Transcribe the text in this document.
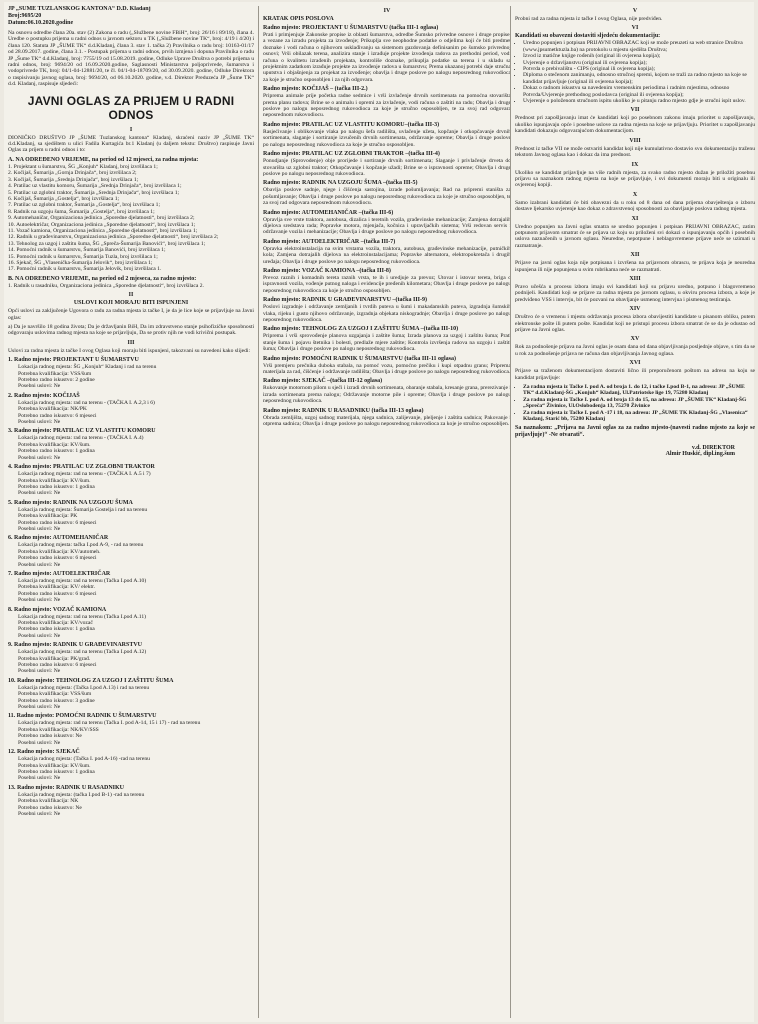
JP „ŠUME TUZLANSKOG KANTONA“ D.D. Kladanj

Broj:9695/20

Datum:06.10.2020.godine

Na osnovu odredbe člana 20a. stav (2) Zakona o radu („Službene novine FBiH“, broj: 26/16 i 89/18), člana 4. Uredbe o postupku prijema u radni odnos u javnom sektoru u TK („Službene novine TK“, broj: 4/19 i 4/20) i člana 120. Statuta JP „ŠUME TK“ d.d.Kladanj, člana 3. stav 1. tačka 2) Pravilnika o radu broj: 10163-01/17 od 28.09.2017. godine, člana 3.1. - Postupak prijema u radni odnos, prvih izmjena i dopuna Pravilnika o radu JP „Šume TK“ d.d.Kladanj, broj: 7755/19 od 15.08.2019. godine, Odluke Uprave Društva o potrebi prijema u radni odnos, broj: 9694/20 od 16.09.2020.godine, Saglasnosti Ministarstva poljoprivrede, šumarstva i vodoprivrede TK, broj: 04/1-04-12881/20, te čl. 04/1-04-18709/20, od 30.09.2020. godine, Odluke Direktora o raspisivanju javnog oglasa, broj: 9694/20, od 06.10.2020. godine, v.d. Direktor Preduzeća JP „Šume TK“ d.d. Kladanj, raspisuje sljedeći:

JAVNI OGLAS ZA PRIJEM U RADNI ODNOS
I

DIONIČKO DRUŠTVO JP „ŠUME Tuzlanskog kantona“ Kladanj, skraćeni naziv JP „ŠUME TK“ d.d.Kladanj, sa sjedištem u ulici Fadila Kurtagića br.1 Kladanj (u daljem tekstu: Društvo) raspisuje Javni Oglas za prijem u radni odnos i to:

A. NA ODREĐENO VRIJEME, na period od 12 mjeseci, za radna mjesta:

1. Projektant u šumarstvu, ŠG „Konjuh“ Kladanj, broj izvršilaca 1;
2. Kočijaš, Šumarija „Gornja Drinjača“, broj izvršilaca 2;
3. Kočijaš, Šumarija „Srednja Drinjača“, broj izvršilaca 1;
4. Pratilac uz vlastitu komoru, Šumarija „Srednja Drinjača“, broj izvršilaca 1;
5. Pratilac uz zglobni traktor, Šumarija „Srednja Drinjača“, broj izvršilaca 1;
6. Kočijaš, Šumarija „Gostelja“, broj izvršilaca 1;
7. Pratilac uz zglobni traktor, Šumarija „Gostelja“, broj izvršilaca 1;
8. Radnik na uzgoju šuma, Šumarija „Gostelja“, broj izvršilaca 1;
9. Automehaničar, Organizaciona jedinica „Sporedne djelatnosti“, broj izvršilaca 2;
10. Autoelektričar, Organizaciona jedinica „Sporedne djelatnosti“, broj izvršilaca 1;
11. Vozač kamiona, Organizaciona jedinica „Sporedne djelatnosti“, broj izvršilaca 1;
12. Radnik u građevinarstvu, Organizaciona jedinica „Sporedne djelatnosti“, broj izvršilaca 2;
13. Tehnolog za uzgoj i zaštitu šuma, ŠG „Spreča-Šumarija Banovići“, broj izvršilaca 1;
14. Pomoćni radnik u šumarstvu, Šumarija Banovići, broj izvršilaca 1;
15. Pomoćni radnik u šumarstvu, Šumarija Tuzla, broj izvršilaca 1;
16. Sjekač, ŠG „Vlasenička-Šumarija Jelovik“, broj izvršilaca 1;
17. Pomoćni radnik u šumarstvu, Šumarija Jelovik, broj izvršilaca 1.

B. NA ODREĐENO VRIJEME, na period od 2 mjeseca, za radno mjesto:

1. Radnik u rasadniku, Organizaciona jedinica „Sporedne djelatnosti“, broj izvršilaca 2.
II
USLOVI KOJI MORAJU BITI ISPUNJENI

Opći uslovi za zaključenje Ugovora o radu za radna mjesta iz tačke I, je da je lice koje se prijavljuje na Javni oglas:

a) Da je navršilo 18 godina života; Da je državljanin BiH, Da im zdravstveno stanje psihofizičke sposobnosti odgovaraju uslovima radnog mjesta na koje se prijavljuju, Da se protiv njih ne vodi krivični postupak.

III

Uslovi za radna mjesta iz tačke I ovog Oglasa koji moraju biti ispunjeni, takozvani su navedeni kako slijedi:

1. Radno mjesto: PROJEKTANT U ŠUMARSTVU
Lokacija radnog mjesta: ŠG „Konjuh“ Kladanj i rad na terenu
Potrebna kvalifikacija: VSS/šum
Potrebno radno iskustvo: 2 godine
Posebni uslovi: Ne
2. Radno mjesto: KOČIJAŠ
Lokacija radnog mjesta: rad na terenu - (TAČKA I. A.2,3 i 6)
Potrebna kvalifikacija: NK/PK
Potrebno radno iskustvo: 6 mjeseci
Posebni uslovi: Ne
3. Radno mjesto: PRATILAC UZ VLASTITU KOMORU
Lokacija radnog mjesta: rad na terenu - (TAČKA I. A.4)
Potrebna kvalifikacija: KV/šum.
Potrebno radno iskustvo: 1 godina
Posebni uslovi: Ne
4. Radno mjesto: PRATILAC UZ ZGLOBNI TRAKTOR
Lokacija radnog mjesta: rad na terenu - (TAČKA I. A.5 i 7)
Potrebna kvalifikacija: KV/šum.
Potrebno radno iskustvo: 1 godina
Posebni uslovi: Ne
5. Radno mjesto: RADNIK NA UZGOJU ŠUMA
Lokacija radnog mjesta: Šumarija Gostelja i rad na terenu
Potrebna kvalifikacija: PK
Potrebno radno iskustvo: 6 mjeseci
Posebni uslovi: Ne
6. Radno mjesto: AUTOMEHANIČAR
Lokacija radnog mjesta: tačka I.pod A-9, - rad na terenu
Potrebna kvalifikacija: KV/automeh.
Potrebno radno iskustvo: 6 mjeseci
Posebni uslovi: Ne
7. Radno mjesto: AUTOELEKTRIČAR
Lokacija radnog mjesta: rad na terenu (Tačka I.pod A.10)
Potrebna kvalifikacija: KV/ elektr.
Potrebno radno iskustvo: 6 mjeseci
Posebni uslovi: Ne
8. Radno mjesto: VOZAČ KAMIONA
Lokacija radnog mjesta: rad na terenu (Tačka I.pod A.11)
Potrebna kvalifikacija: KV/vozač
Potrebno radno iskustvo: 1 godina
Posebni uslovi: Ne
9. Radno mjesto: RADNIK U GRAĐEVINARSTVU
Lokacija radnog mjesta: rad na terenu (Tačka I.pod A.12)
Potrebna kvalifikacija: PK/građ.
Potrebno radno iskustvo: 6 mjeseci
Posebni uslovi: Ne
10. Radno mjesto: TEHNOLOG ZA UZGOJ I ZAŠTITU ŠUMA
Lokacija radnog mjesta: (Tačka I.pod A.13) i rad na terenu
Potrebna kvalifikacija: VSS/šum
Potrebno radno iskustvo: 3 godine
Posebni uslovi: Ne
11. Radno mjesto: POMOĆNI RADNIK U ŠUMARSTVU
Lokacija radnog mjesta: rad na terenu (Tačka I. pod A-14, 15 i 17) - rad na terenu
Potrebna kvalifikacija: NK/KV/SSS
Potrebno radno iskustvo: Ne
Posebni uslovi: Ne
12. Radno mjesto: SJEKAČ
Lokacija radnog mjesta: (Tačka I. pod A-16) -rad na terenu
Potrebna kvalifikacija: KV/šum.
Potrebno radno iskustvo: 1 godina
Posebni uslovi: Ne
13. Radno mjesto: RADNIK U RASADNIKU
Lokacija radnog mjesta: (tačka I.pod B-1) -rad na terenu
Potrebna kvalifikacija: NK
Potrebno radno iskustvo: Ne
Posebni uslovi: Ne
IV

KRATAK OPIS POSLOVA

Radno mjesto: PROJEKTANT U ŠUMARSTVU (tačka III-1 oglasa)

Prati i primjenjuje Zakonske propise iz oblasti šumarstva, odredbe Šumsko privredne osnove i druge propise, a vezane za izradu projekta za izvođenje; Prikuplja sve neophodne podatke o odjelima koji će biti predmet doznake i vodi računa o njihovom usklađivanju sa sistemom gazdovanja definisanim po šumsko privrednoj osnovi; Vrši obilazak terena, analizira stanje i izrađuje projekte izvođenja radova za prethodni period, vodi računa o kvalitetu izrađenih projekata, kontroliše doznake, prikuplja podatke sa terena i u skladu sa projektnim zadatkom izrađuje projekte za izvođenje radova u šumarstvu; Prema ukazanoj potrebi daje stručna uputstva i objašnjenja za projekat za izvođenje; obavlja i druge poslove po nalogu neposrednog rukovodioca za koje je stručno osposobljen i za njih odgovara.

Radno mjesto: KOČIJAŠ – (tačka III-2.)

Priprema animale prije početka radne sedmice i vrši izvlačenje drvnih sortimenata na pomoćna stovarišta prema planu radova; Brine se o animalu i opremi za izvlačenje, vodi računa o zaštiti na radu; Obavlja i druge poslove po nalogu neposrednog rukovodioca za koje je stručno osposobljen, te za svoj rad odgovara neposrednom rukovodiocu.

Radno mjesto: PRATILAC UZ VLASTITU KOMORU–(tačka III-3)

Rasjećivanje i oblikovanje vlaka po nalogu šefa radilišta, uvlačenje užeta, kopčanje i otkopčavanje drvnih sortimenata, slaganje i sortiranje izvučenih drvnih sortimenata, održavanje opreme; Obavlja i druge poslove po nalogu neposrednog rukovodioca za koje je stručno osposobljen.

Radno mjesto: PRATILAC UZ ZGLOBNI TRAKTOR –(tačka III-4)

Ponudjanje (Sprovodenje) obje prorijede i sortiranje drvnih sortimenata; Slaganje i privlačenje drveta do stovarišta uz zglobni traktor; Otkopčavanje i kopčanje užadi; Brine se o ispravnosti opreme; Obavlja i druge poslove po nalogu neposrednog rukovodioca.

Radno mjesto: RADNIK NA UZGOJU ŠUMA –(tačka III-5)

Obavlja poslove sadnje, njege i čišćenja sastojina, izrade pošumljavanja; Rad na pripremi staništa za pošumljavanje; Obavlja i druge poslove po nalogu neposrednog rukovodioca za koje je stručno osposobljen, te za svoj rad odgovara neposrednom rukovodiocu.

Radno mjesto: AUTOMEHANIČAR –(tačka III-6)

Opravlja sve vrste traktora, autobusa, dizalica i teretnih vozila, građevinske mehanizacije; Zamjena dotrajalih dijelova sredstava rada; Popravke motora, mjenjača, kočnica i upravljačkih sistema; Vrši redovan servis i održavanje vozila i mehanizacije; Obavlja i druge poslove po nalogu neposrednog rukovodioca.

Radno mjesto: AUTOELEKTRIČAR –(tačka III-7)

Opravka elektroinstalacija na svim vrstama vozila, traktora, autobusa, građevinske mehanizacije, putničkih kola; Zamjena dotrajalih dijelova na elektroinstalacijama; Popravke alternatora, elektropokretača i drugih uređaja; Obavlja i druge poslove po nalogu neposrednog rukovodioca.

Radno mjesto: VOZAČ KAMIONA –(tačka III-8)

Prevoz raznih i komadnih tereta raznih vrsta, te ih i uredjuje za prevoz; Utovar i istovar tereta, briga o ispravnosti vozila, vođenje putnog naloga i evidencije pređenih kilometara; Obavlja i druge poslove po nalogu neposrednog rukovodioca za koje je stručno osposobljen.

Radno mjesto: RADNIK U GRAĐEVINARSTVU –(tačka III-9)

Poslovi izgradnje i održavanje zemljanih i tvrdih puteva u šumi i makadamskih puteva, izgradnja šumskih vlaka, rijeku i gusto njihovo održavanje, izgradnja objekata niskogradnje; Obavlja i druge poslove po nalogu neposrednog rukovodioca.

Radno mjesto: TEHNOLOG ZA UZGOJ I ZAŠTITU ŠUMA –(tačka III-10)

Priprema i vrši sprovođenje planova uzgajanja i zaštite šuma; Izrada planova za uzgoj i zaštitu šuma; Prati stanje šuma i pojavu štetnika i bolesti, predlaže mjere zaštite; Kontrola izvršenja radova na uzgoju i zaštiti šuma; Obavlja i druge poslove po nalogu neposrednog rukovodioca.

Radno mjesto: POMOĆNI RADNIK U ŠUMARSTVU (tačka III-11 oglasa)

Vrši premjeru prečnika duboka stabala, na pomoć vozu, pomoćno prečiku i kupi otpadnu granu; Priprema materijala za rad, čišćenje i održavanje radilišta; Obavlja i druge poslove po nalogu neposrednog rukovodioca.

Radno mjesto: SJEKAČ –(tačka III-12 oglasa)

Rukovanje motornom pilom u sječi i izradi drvnih sortimenata, obaranje stabala, kresanje grana, prerezivanje i izrada sortimenata prema nalogu; Održavanje motorne pile i opreme; Obavlja i druge poslove po nalogu neposrednog rukovodioca.

Radno mjesto: RADNIK U RASADNIKU (tačka III-13 oglasa)

Obrada zemljišta, uzgoj sadnog materijala, njega sadnica, zalijevanje, pleljenje i zaštita sadnica; Pakovanje i otprema sadnica; Obavlja i druge poslove po nalogu neposrednog rukovodioca za koje je stručno osposobljen.

V

Probni rad za radna mjesta iz tačke I ovog Oglasa, nije predviđen.

VI

Kandidati su obavezni dostaviti sljedeću dokumentaciju:

• Uredno popunjen i potpisan PRIJAVNI OBRAZAC koji se može preuzeti sa web stranice Društva (www.jpsumetktuzla.ba) na protokolu u mjestu sjedišta Društva;
• Izvod iz matične knjige rođenih (original ili ovjerena kopija);
• Uvjerenje o državljanstvu (original ili ovjerena kopija);
• Potvrda o prebivalištu - CIPS (original ili ovjerena kopija);
• Diploma o stečenom zanimanju, odnosno stručnoj spremi, kojom se traži za radno mjesto na koje se kandidat prijavljuje (original ili ovjerena kopija);
• Dokaz o radnom iskustvu sa navedenim vremenskim periodima i radnim mjestima, odnosno Potvrda/Uvjerenje prethodnog poslodavca (original ili ovjerena kopija);
• Uvjerenje o položenom stručnom ispitu ukoliko je u pitanju radno mjesto gdje je stručni ispit uslov.
VII

Prednost pri zapošljavanju imat će kandidati koji po posebnom zakonu imaju prioritet u zapošljavanju, ukoliko ispunjavaju opće i posebne uslove za radna mjesta na koje se prijavljuju. Prioritet u zapošljavanju kandidati dokazuju odgovarajućom dokumentacijom.

VIII

Prednost iz tačke VII ne može ostvariti kandidat koji nije kumulativno dostavio svu dokumentaciju traženu tekstom Javnog oglasa kao i dokaz da ima prednost.

IX

Ukoliko se kandidat prijavljuje na više radnih mjesta, za svako radno mjesto dužan je priložiti posebnu prijavu sa naznakom radnog mjesta na koje se prijavljuje, i svi dokumenti moraju biti u originalu ili ovjerenoj kopiji.

X

Samo izabrani kandidati će biti obavezni da u roku od 8 dana od dana prijema obavještenja o izboru dostave ljekarsko uvjerenje kao dokaz o zdravstvenoj sposobnosti za obavljanje poslova radnog mjesta.

XI

Uredno popunjen na Javni oglas smatra se uredno popunjen i potpisan PRIJAVNI OBRAZAC, zatim potpunom prijavom smatrat će se prijava uz koju su priloženi svi dokazi o ispunjavanju općih i posebnih uslova naznačenih u javnom oglasu. Neuredne, nepotpune i neblagovremene prijave neće se uzimati u razmatranje.

XII

Prijave na javni oglas koja nije potpisana i izvršena na prijavnom obrascu, te prijava koja je neuredna ispunjena ili nije popunjena u svim rubrikama neće se razmatrati.

XIII

Pravo učešća u procesu izbora imaju svi kandidati koji su prijavu uredno, potpuno i blagovremeno podnijeli. Kandidati koji se prijave za radna mjesta po javnom oglasu, u okviru procesa izbora, a koje je predviđeno VSS i intervju, bit će pozvani na obavljanje usmenog intervjua i pismenog testiranja.

XIV

Društvo će o vremenu i mjestu održavanja procesa izbora obavijestiti kandidate u pisanom obliku, putem elektronske pošte ili putem pošte. Kandidat koji ne pristupi procesu izbora smatrat će se da je odustao od prijave na Javni oglas.

XV

Rok za podnošenje prijava na Javni oglas je osam dana od dana objavljivanja posljednje objave, s tim da se u rok za podnošenje prijava ne računa dan objavljivanja Javnog oglasa.

XVI

Prijave sa traženom dokumentacijom dostaviti lično ili preporučenom poštom na adresu na koju se kandidat prijavljuje:

• Za radna mjesta iz Tačke I. pod A. od broja 1. do 12, i tačke I.pod B-1, na adresu: JP „ŠUME TK“ d.d.Kladanj-ŠG „Konjuh“ Kladanj, Ul.Patriotske lige 19, 75280 Kladanj
• Za radna mjesta iz Tačke I. pod A. od broja 13 do 15, na adresu: JP „ŠUME TK“ Kladanj-ŠG „Spreča“ Živinice, Ul.Oslobođenja 13, 75270 Živinice
• Za radna mjesta iz Tačke I. pod A -17 i 18, na adresu: JP „ŠUME TK Kladanj-ŠG „Vlasenica“ Kladanj, Starić bb, 75280 Kladanj

Sa naznakom: „Prijava na Javni oglas za za radno mjesto-(navesti radno mjesto za koje se prijavljuje)“ -Ne otvarati“.

v.d. DIREKTOR
Almir Huskić, dipl.ing.šum
